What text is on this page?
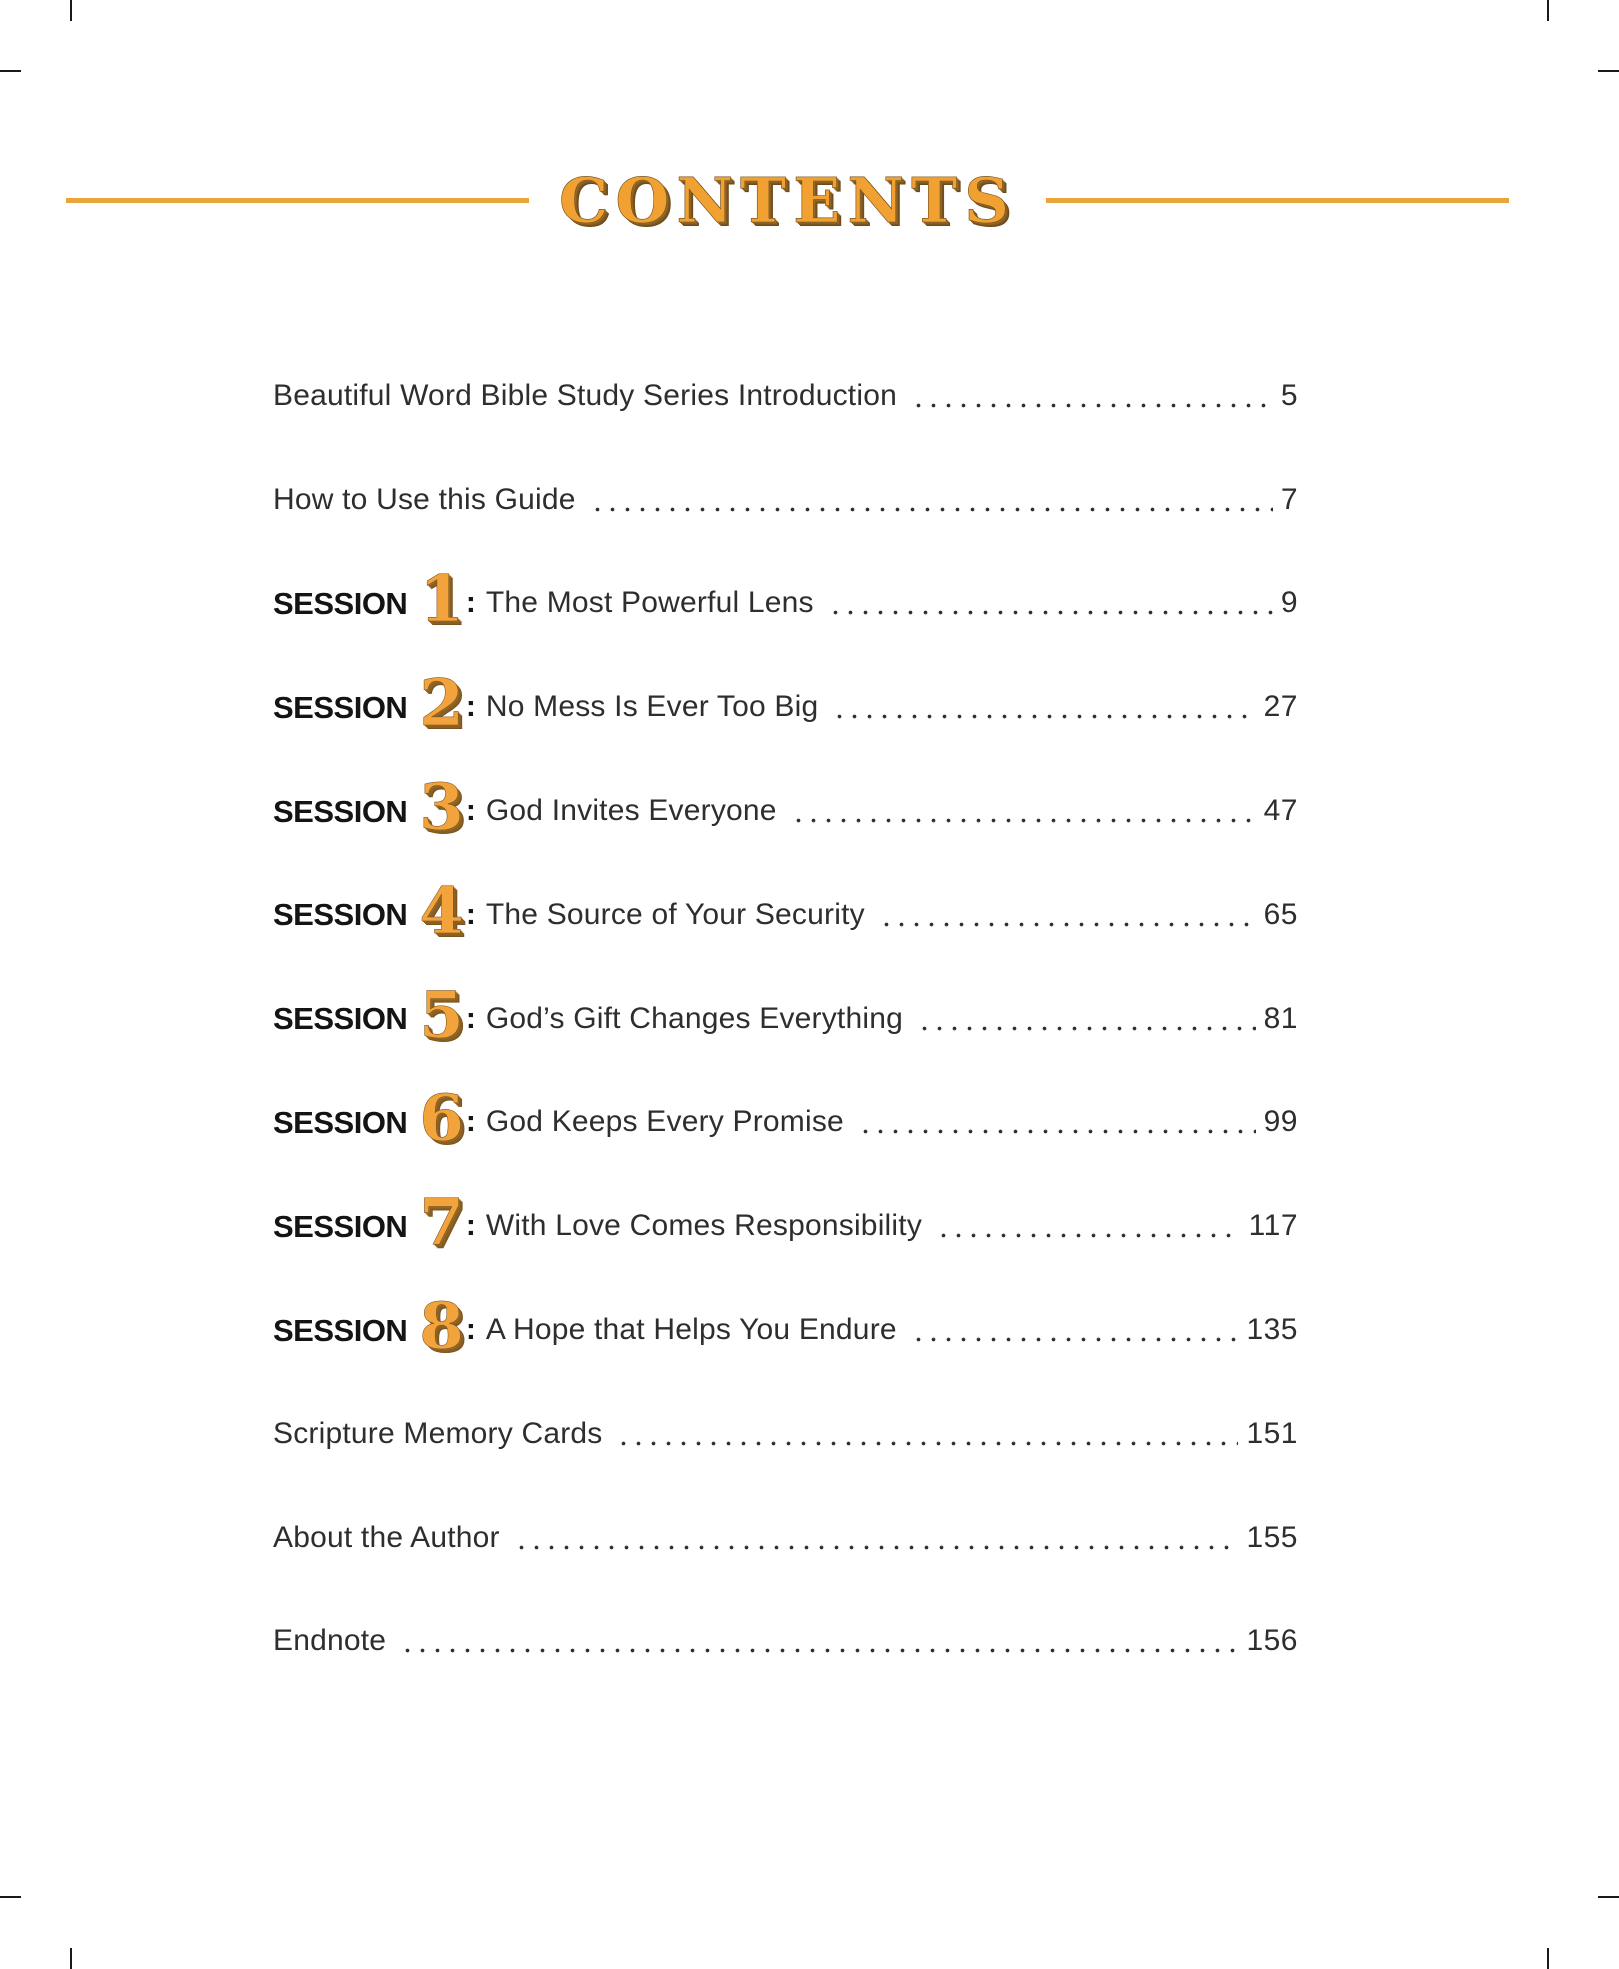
CONTENTS
Beautiful Word Bible Study Series Introduction	5
How to Use this Guide	7
SESSION 1 : The Most Powerful Lens	9
SESSION 2 : No Mess Is Ever Too Big	27
SESSION 3 : God Invites Everyone	47
SESSION 4 : The Source of Your Security	65
SESSION 5 : God’s Gift Changes Everything	81
SESSION 6 : God Keeps Every Promise	99
SESSION 7 : With Love Comes Responsibility	117
SESSION 8 : A Hope that Helps You Endure	135
Scripture Memory Cards	151
About the Author	155
Endnote	156
